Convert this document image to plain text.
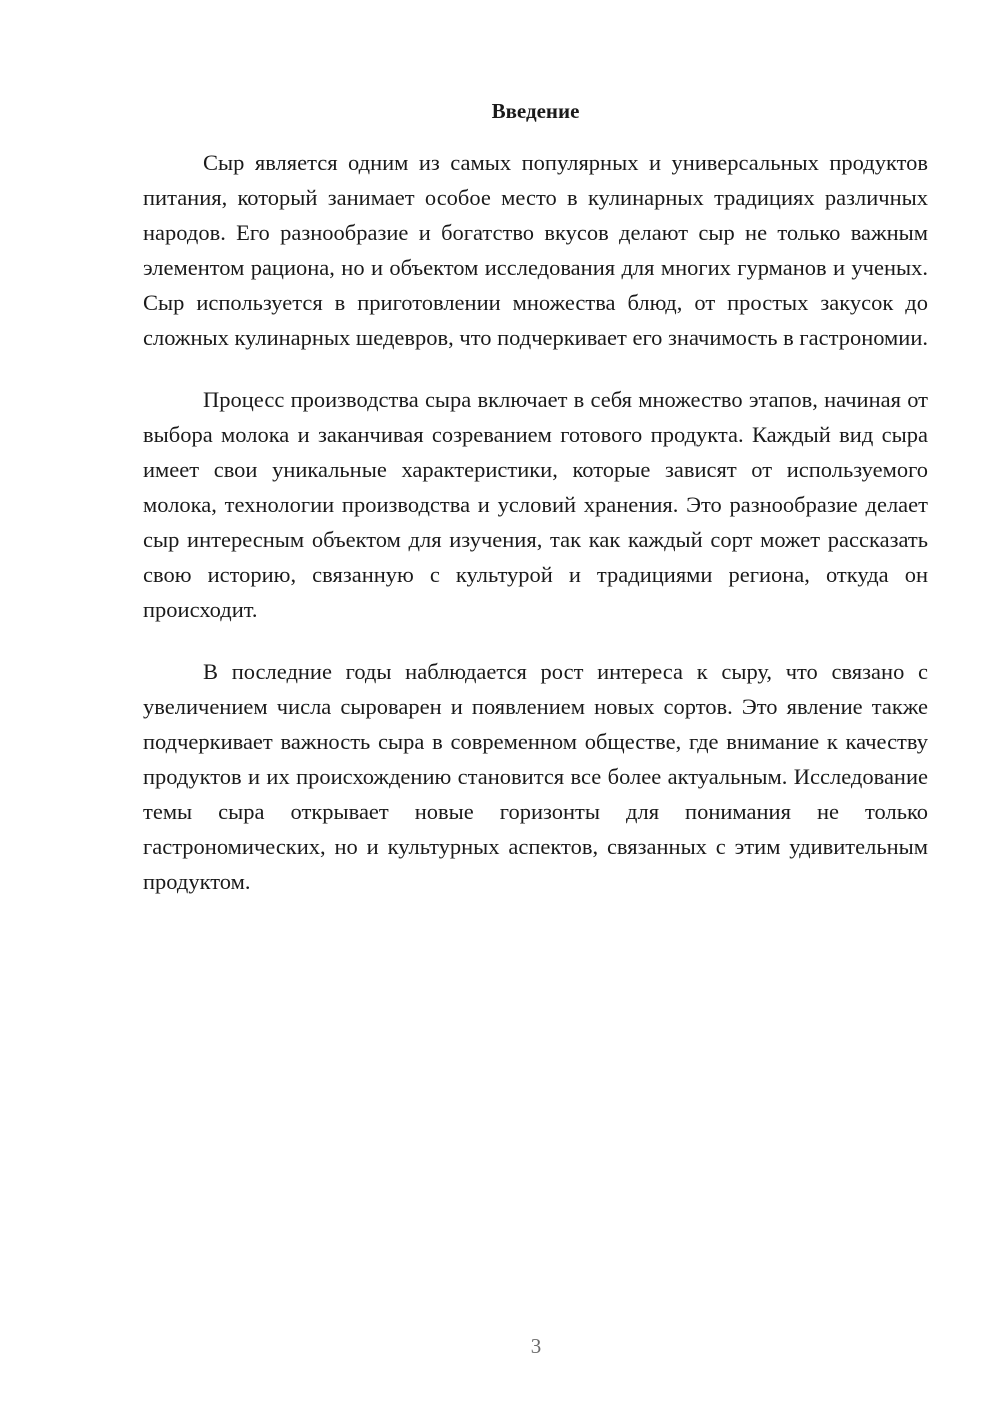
Введение

Сыр является одним из самых популярных и универсальных продуктов питания, который занимает особое место в кулинарных традициях различных народов. Его разнообразие и богатство вкусов делают сыр не только важным элементом рациона, но и объектом исследования для многих гурманов и ученых. Сыр используется в приготовлении множества блюд, от простых закусок до сложных кулинарных шедевров, что подчеркивает его значимость в гастрономии.

Процесс производства сыра включает в себя множество этапов, начиная от выбора молока и заканчивая созреванием готового продукта. Каждый вид сыра имеет свои уникальные характеристики, которые зависят от используемого молока, технологии производства и условий хранения. Это разнообразие делает сыр интересным объектом для изучения, так как каждый сорт может рассказать свою историю, связанную с культурой и традициями региона, откуда он происходит.

В последние годы наблюдается рост интереса к сыру, что связано с увеличением числа сыроварен и появлением новых сортов. Это явление также подчеркивает важность сыра в современном обществе, где внимание к качеству продуктов и их происхождению становится все более актуальным. Исследование темы сыра открывает новые горизонты для понимания не только гастрономических, но и культурных аспектов, связанных с этим удивительным продуктом.

3
